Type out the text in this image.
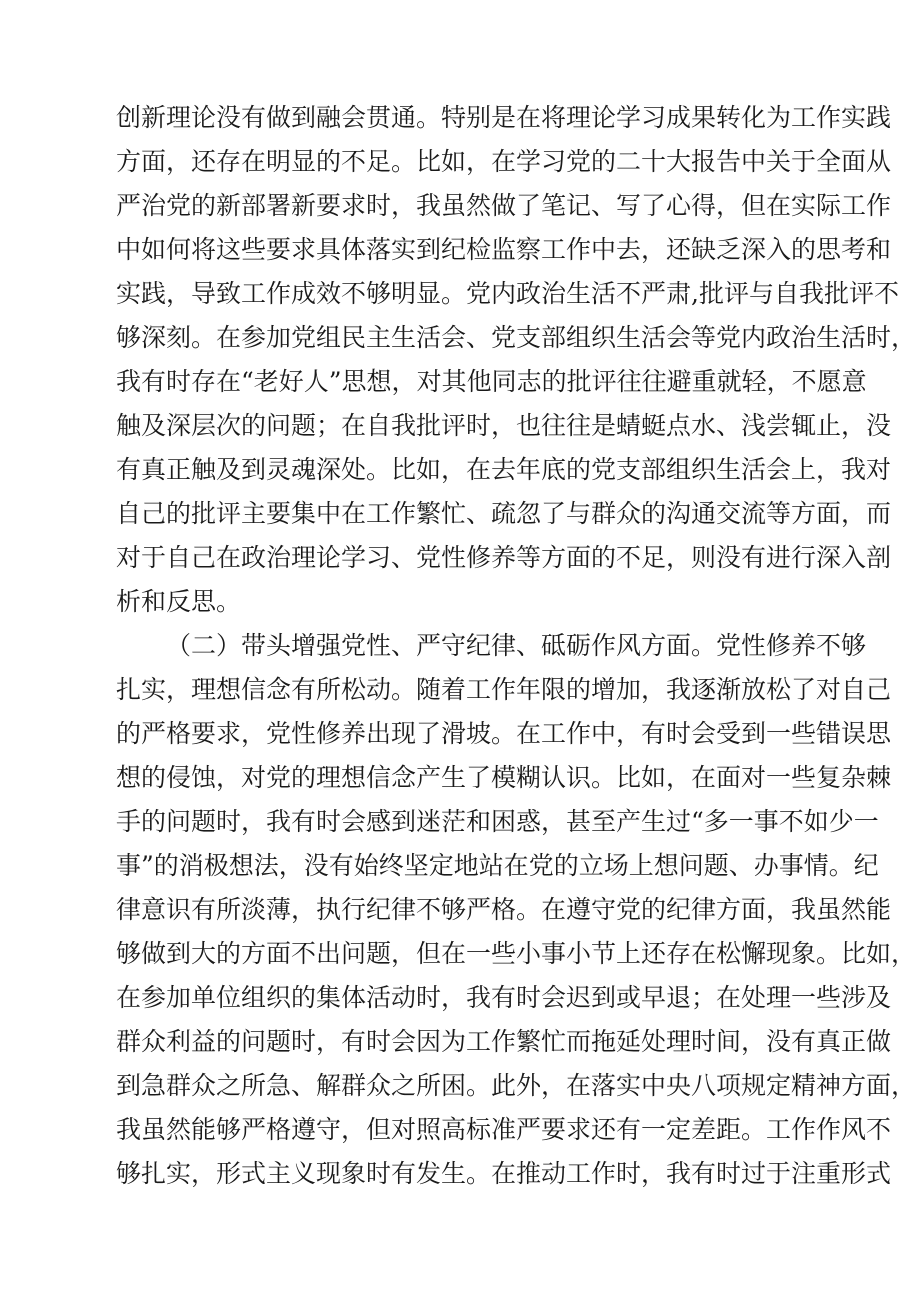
创新理论没有做到融会贯通。特别是在将理论学习成果转化为工作实践
方面，还存在明显的不足。比如，在学习党的二十大报告中关于全面从
严治党的新部署新要求时，我虽然做了笔记、写了心得，但在实际工作
中如何将这些要求具体落实到纪检监察工作中去，还缺乏深入的思考和
实践，导致工作成效不够明显。党内政治生活不严肃,批评与自我批评不
够深刻。在参加党组民主生活会、党支部组织生活会等党内政治生活时，
我有时存在“老好人”思想，对其他同志的批评往往避重就轻，不愿意
触及深层次的问题；在自我批评时，也往往是蜻蜓点水、浅尝辄止，没
有真正触及到灵魂深处。比如，在去年底的党支部组织生活会上，我对
自己的批评主要集中在工作繁忙、疏忽了与群众的沟通交流等方面，而
对于自己在政治理论学习、党性修养等方面的不足，则没有进行深入剖
析和反思。
（二）带头增强党性、严守纪律、砥砺作风方面。党性修养不够
扎实，理想信念有所松动。随着工作年限的增加，我逐渐放松了对自己
的严格要求，党性修养出现了滑坡。在工作中，有时会受到一些错误思
想的侵蚀，对党的理想信念产生了模糊认识。比如，在面对一些复杂棘
手的问题时，我有时会感到迷茫和困惑，甚至产生过“多一事不如少一
事”的消极想法，没有始终坚定地站在党的立场上想问题、办事情。纪
律意识有所淡薄，执行纪律不够严格。在遵守党的纪律方面，我虽然能
够做到大的方面不出问题，但在一些小事小节上还存在松懈现象。比如，
在参加单位组织的集体活动时，我有时会迟到或早退；在处理一些涉及
群众利益的问题时，有时会因为工作繁忙而拖延处理时间，没有真正做
到急群众之所急、解群众之所困。此外，在落实中央八项规定精神方面，
我虽然能够严格遵守，但对照高标准严要求还有一定差距。工作作风不
够扎实，形式主义现象时有发生。在推动工作时，我有时过于注重形式
